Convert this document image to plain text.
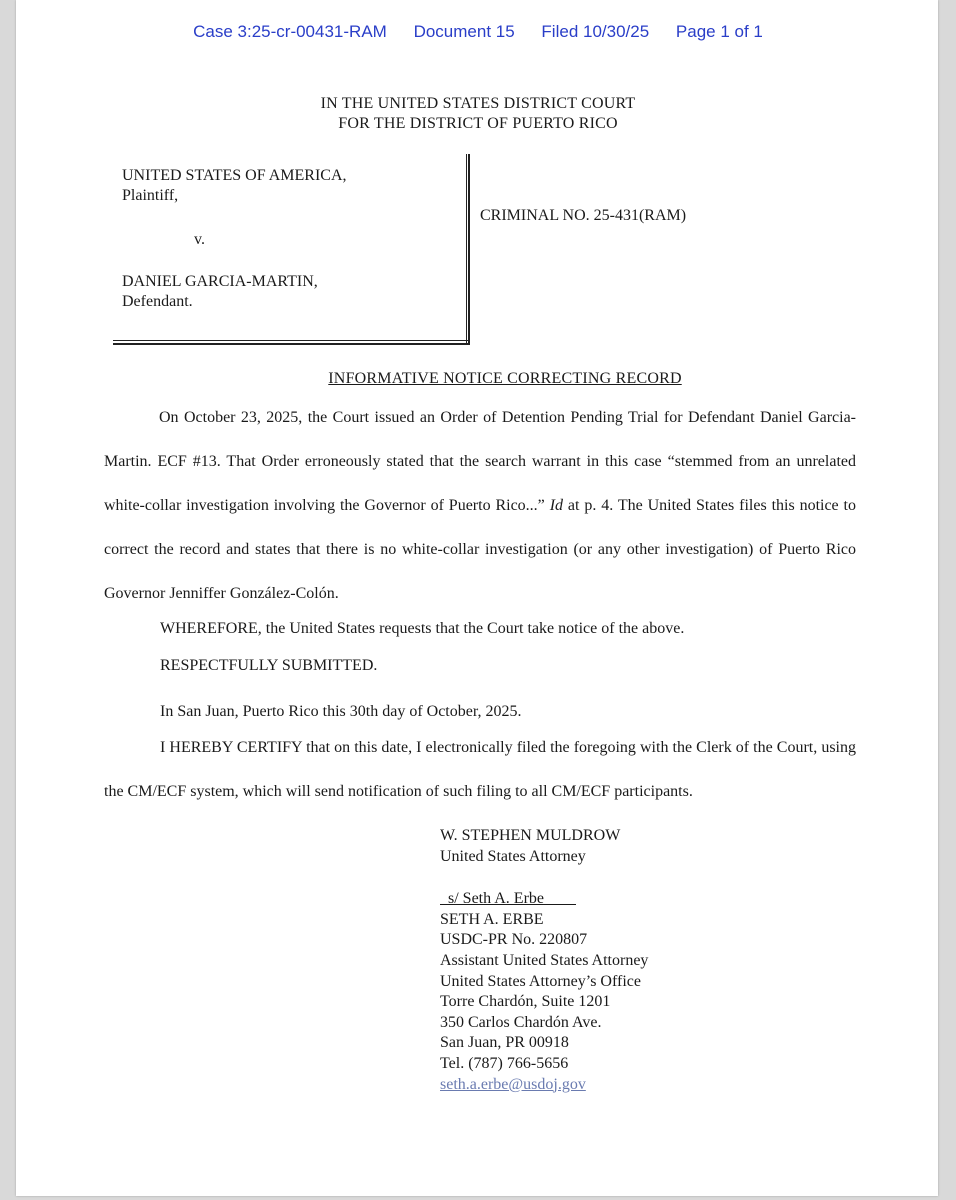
Case 3:25-cr-00431-RAM Document 15 Filed 10/30/25 Page 1 of 1
IN THE UNITED STATES DISTRICT COURT
FOR THE DISTRICT OF PUERTO RICO
UNITED STATES OF AMERICA,
Plaintiff,
v.
DANIEL GARCIA-MARTIN,
Defendant.
CRIMINAL NO. 25-431(RAM)
INFORMATIVE NOTICE CORRECTING RECORD
On October 23, 2025, the Court issued an Order of Detention Pending Trial for Defendant Daniel Garcia-Martin. ECF #13. That Order erroneously stated that the search warrant in this case “stemmed from an unrelated white-collar investigation involving the Governor of Puerto Rico...” Id at p. 4. The United States files this notice to correct the record and states that there is no white-collar investigation (or any other investigation) of Puerto Rico Governor Jenniffer González-Colón.
WHEREFORE, the United States requests that the Court take notice of the above.
RESPECTFULLY SUBMITTED.
In San Juan, Puerto Rico this 30th day of October, 2025.
I HEREBY CERTIFY that on this date, I electronically filed the foregoing with the Clerk of the Court, using the CM/ECF system, which will send notification of such filing to all CM/ECF participants.
W. STEPHEN MULDROW
United States Attorney
s/ Seth A. Erbe
SETH A. ERBE
USDC-PR No. 220807
Assistant United States Attorney
United States Attorney’s Office
Torre Chardón, Suite 1201
350 Carlos Chardón Ave.
San Juan, PR 00918
Tel. (787) 766-5656
seth.a.erbe@usdoj.gov
